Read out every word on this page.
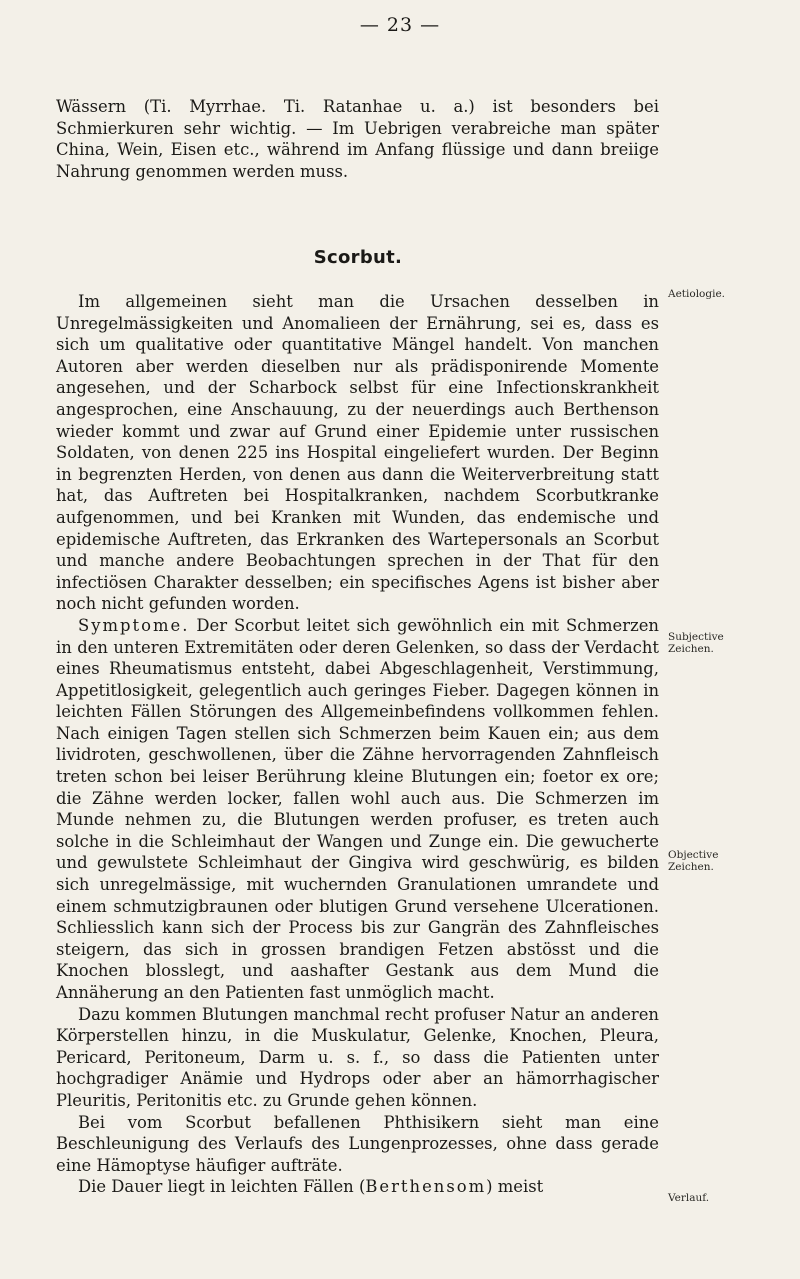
— 23 —

Wässern (Ti. Myrrhae. Ti. Ratanhae u. a.) ist besonders bei Schmierkuren sehr wichtig. — Im Uebrigen verabreiche man später China, Wein, Eisen etc., während im Anfang flüssige und dann breiige Nahrung genommen werden muss.

Scorbut.

Im allgemeinen sieht man die Ursachen desselben in Unregelmässigkeiten und Anomalieen der Ernährung, sei es, dass es sich um qualitative oder quantitative Mängel handelt. Von manchen Autoren aber werden dieselben nur als prädisponirende Momente angesehen, und der Scharbock selbst für eine Infectionskrankheit angesprochen, eine Anschauung, zu der neuerdings auch Berthenson wieder kommt und zwar auf Grund einer Epidemie unter russischen Soldaten, von denen 225 ins Hospital eingeliefert wurden. Der Beginn in begrenzten Herden, von denen aus dann die Weiterverbreitung statt hat, das Auftreten bei Hospitalkranken, nachdem Scorbutkranke aufgenommen, und bei Kranken mit Wunden, das endemische und epidemische Auftreten, das Erkranken des Wartepersonals an Scorbut und manche andere Beobachtungen sprechen in der That für den infectiösen Charakter desselben; ein specifisches Agens ist bisher aber noch nicht gefunden worden.

Symptome. Der Scorbut leitet sich gewöhnlich ein mit Schmerzen in den unteren Extremitäten oder deren Gelenken, so dass der Verdacht eines Rheumatismus entsteht, dabei Abgeschlagenheit, Verstimmung, Appetitlosigkeit, gelegentlich auch geringes Fieber. Dagegen können in leichten Fällen Störungen des Allgemeinbefindens vollkommen fehlen. Nach einigen Tagen stellen sich Schmerzen beim Kauen ein; aus dem lividroten, geschwollenen, über die Zähne hervorragenden Zahnfleisch treten schon bei leiser Berührung kleine Blutungen ein; foetor ex ore; die Zähne werden locker, fallen wohl auch aus. Die Schmerzen im Munde nehmen zu, die Blutungen werden profuser, es treten auch solche in die Schleimhaut der Wangen und Zunge ein. Die gewucherte und gewulstete Schleimhaut der Gingiva wird geschwürig, es bilden sich unregelmässige, mit wuchernden Granulationen umrandete und einem schmutzigbraunen oder blutigen Grund versehene Ulcerationen. Schliesslich kann sich der Process bis zur Gangrän des Zahnfleisches steigern, das sich in grossen brandigen Fetzen abstösst und die Knochen blosslegt, und aashafter Gestank aus dem Mund die Annäherung an den Patienten fast unmöglich macht.

Dazu kommen Blutungen manchmal recht profuser Natur an anderen Körperstellen hinzu, in die Muskulatur, Gelenke, Knochen, Pleura, Pericard, Peritoneum, Darm u. s. f., so dass die Patienten unter hochgradiger Anämie und Hydrops oder aber an hämorrhagischer Pleuritis, Peritonitis etc. zu Grunde gehen können.

Bei vom Scorbut befallenen Phthisikern sieht man eine Beschleunigung des Verlaufs des Lungenprozesses, ohne dass gerade eine Hämoptyse häufiger aufträte.

Die Dauer liegt in leichten Fällen (Berthensom) meist

Aetiologie.
Subjective
Zeichen.
Objective
Zeichen.
Verlauf.
